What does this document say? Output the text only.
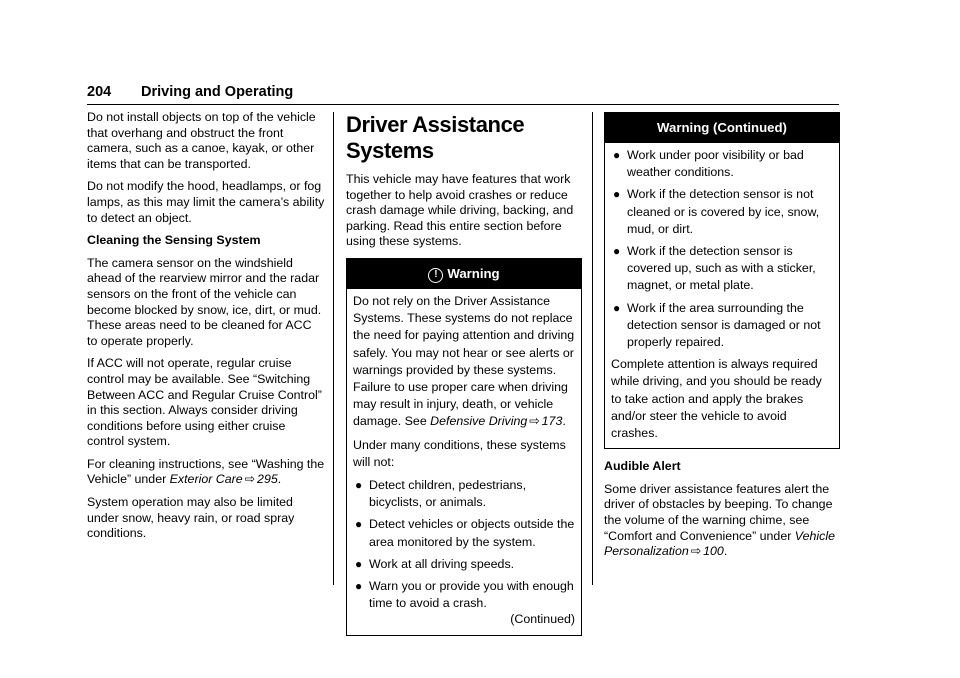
204 Driving and Operating

Do not install objects on top of the vehicle that overhang and obstruct the front camera, such as a canoe, kayak, or other items that can be transported.

Do not modify the hood, headlamps, or fog lamps, as this may limit the camera’s ability to detect an object.

Cleaning the Sensing System

The camera sensor on the windshield ahead of the rearview mirror and the radar sensors on the front of the vehicle can become blocked by snow, ice, dirt, or mud. These areas need to be cleaned for ACC to operate properly.

If ACC will not operate, regular cruise control may be available. See “Switching Between ACC and Regular Cruise Control” in this section. Always consider driving conditions before using either cruise control system.

For cleaning instructions, see “Washing the Vehicle” under Exterior Care ⇨ 295.

System operation may also be limited under snow, heavy rain, or road spray conditions.

Driver Assistance Systems

This vehicle may have features that work together to help avoid crashes or reduce crash damage while driving, backing, and parking. Read this entire section before using these systems.

! Warning

Do not rely on the Driver Assistance Systems. These systems do not replace the need for paying attention and driving safely. You may not hear or see alerts or warnings provided by these systems. Failure to use proper care when driving may result in injury, death, or vehicle damage. See Defensive Driving ⇨ 173.

Under many conditions, these systems will not:

● Detect children, pedestrians, bicyclists, or animals.
● Detect vehicles or objects outside the area monitored by the system.
● Work at all driving speeds.
● Warn you or provide you with enough time to avoid a crash.
(Continued)
Warning (Continued)
● Work under poor visibility or bad weather conditions.
● Work if the detection sensor is not cleaned or is covered by ice, snow, mud, or dirt.
● Work if the detection sensor is covered up, such as with a sticker, magnet, or metal plate.
● Work if the area surrounding the detection sensor is damaged or not properly repaired.

Complete attention is always required while driving, and you should be ready to take action and apply the brakes and/or steer the vehicle to avoid crashes.

Audible Alert

Some driver assistance features alert the driver of obstacles by beeping. To change the volume of the warning chime, see “Comfort and Convenience” under Vehicle Personalization ⇨ 100.
